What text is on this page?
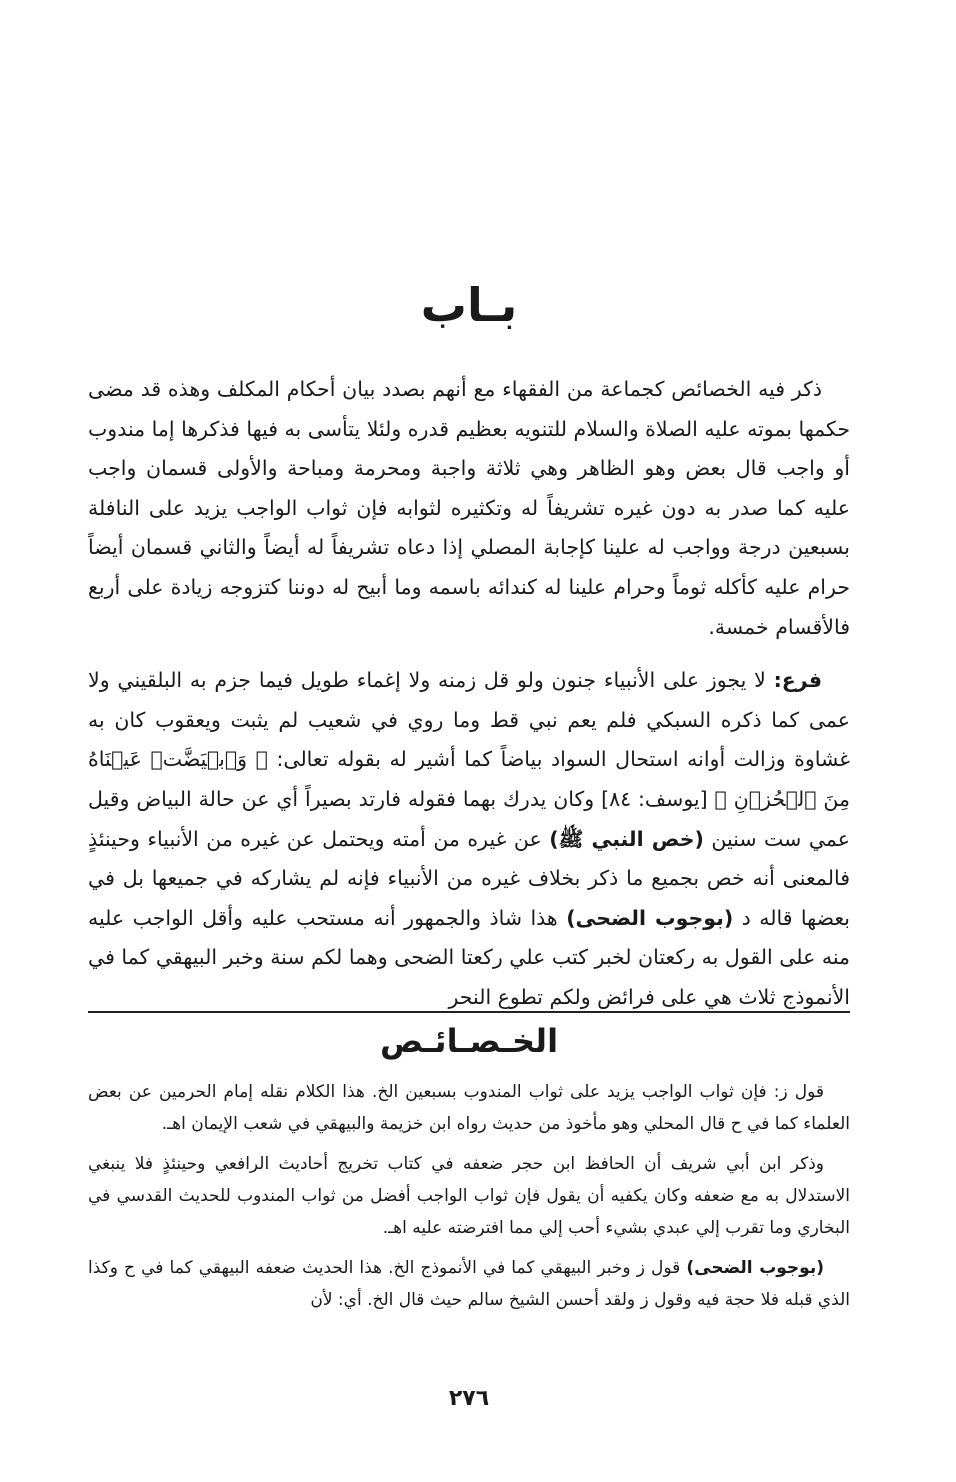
بـاب

ذكر فيه الخصائص كجماعة من الفقهاء مع أنهم بصدد بيان أحكام المكلف وهذه قد مضى حكمها بموته عليه الصلاة والسلام للتنويه بعظيم قدره ولئلا يتأسى به فيها فذكرها إما مندوب أو واجب قال بعض وهو الظاهر وهي ثلاثة واجبة ومحرمة ومباحة والأولى قسمان واجب عليه كما صدر به دون غيره تشريفاً له وتكثيره لثوابه فإن ثواب الواجب يزيد على النافلة بسبعين درجة وواجب له علينا كإجابة المصلي إذا دعاه تشريفاً له أيضاً والثاني قسمان أيضاً حرام عليه كأكله ثوماً وحرام علينا له كندائه باسمه وما أبيح له دوننا كتزوجه زيادة على أربع فالأقسام خمسة.

فرع: لا يجوز على الأنبياء جنون ولو قل زمنه ولا إغماء طويل فيما جزم به البلقيني ولا عمى كما ذكره السبكي فلم يعم نبي قط وما روي في شعيب لم يثبت ويعقوب كان به غشاوة وزالت أوانه استحال السواد بياضاً كما أشير له بقوله تعالى: ﴿ وَٱبۡيَضَّتۡ عَيۡنَاهُ مِنَ ٱلۡحُزۡنِ ﴾ [يوسف: ٨٤] وكان يدرك بهما فقوله فارتد بصيراً أي عن حالة البياض وقيل عمي ست سنين (خص النبي ﷺ) عن غيره من أمته ويحتمل عن غيره من الأنبياء وحينئذٍ فالمعنى أنه خص بجميع ما ذكر بخلاف غيره من الأنبياء فإنه لم يشاركه في جميعها بل في بعضها قاله د (بوجوب الضحى) هذا شاذ والجمهور أنه مستحب عليه وأقل الواجب عليه منه على القول به ركعتان لخبر كتب علي ركعتا الضحى وهما لكم سنة وخبر البيهقي كما في الأنموذج ثلاث هي على فرائض ولكم تطوع النحر

الخـصـائـص

قول ز: فإن ثواب الواجب يزيد على ثواب المندوب بسبعين الخ. هذا الكلام نقله إمام الحرمين عن بعض العلماء كما في ح قال المحلي وهو مأخوذ من حديث رواه ابن خزيمة والبيهقي في شعب الإيمان اهـ.

وذكر ابن أبي شريف أن الحافظ ابن حجر ضعفه في كتاب تخريج أحاديث الرافعي وحينئذٍ فلا ينبغي الاستدلال به مع ضعفه وكان يكفيه أن يقول فإن ثواب الواجب أفضل من ثواب المندوب للحديث القدسي في البخاري وما تقرب إلي عبدي بشيء أحب إلي مما افترضته عليه اهـ.

(بوجوب الضحى) قول ز وخبر البيهقي كما في الأنموذج الخ. هذا الحديث ضعفه البيهقي كما في ح وكذا الذي قبله فلا حجة فيه وقول ز ولقد أحسن الشيخ سالم حيث قال الخ. أي: لأن

٢٧٦
